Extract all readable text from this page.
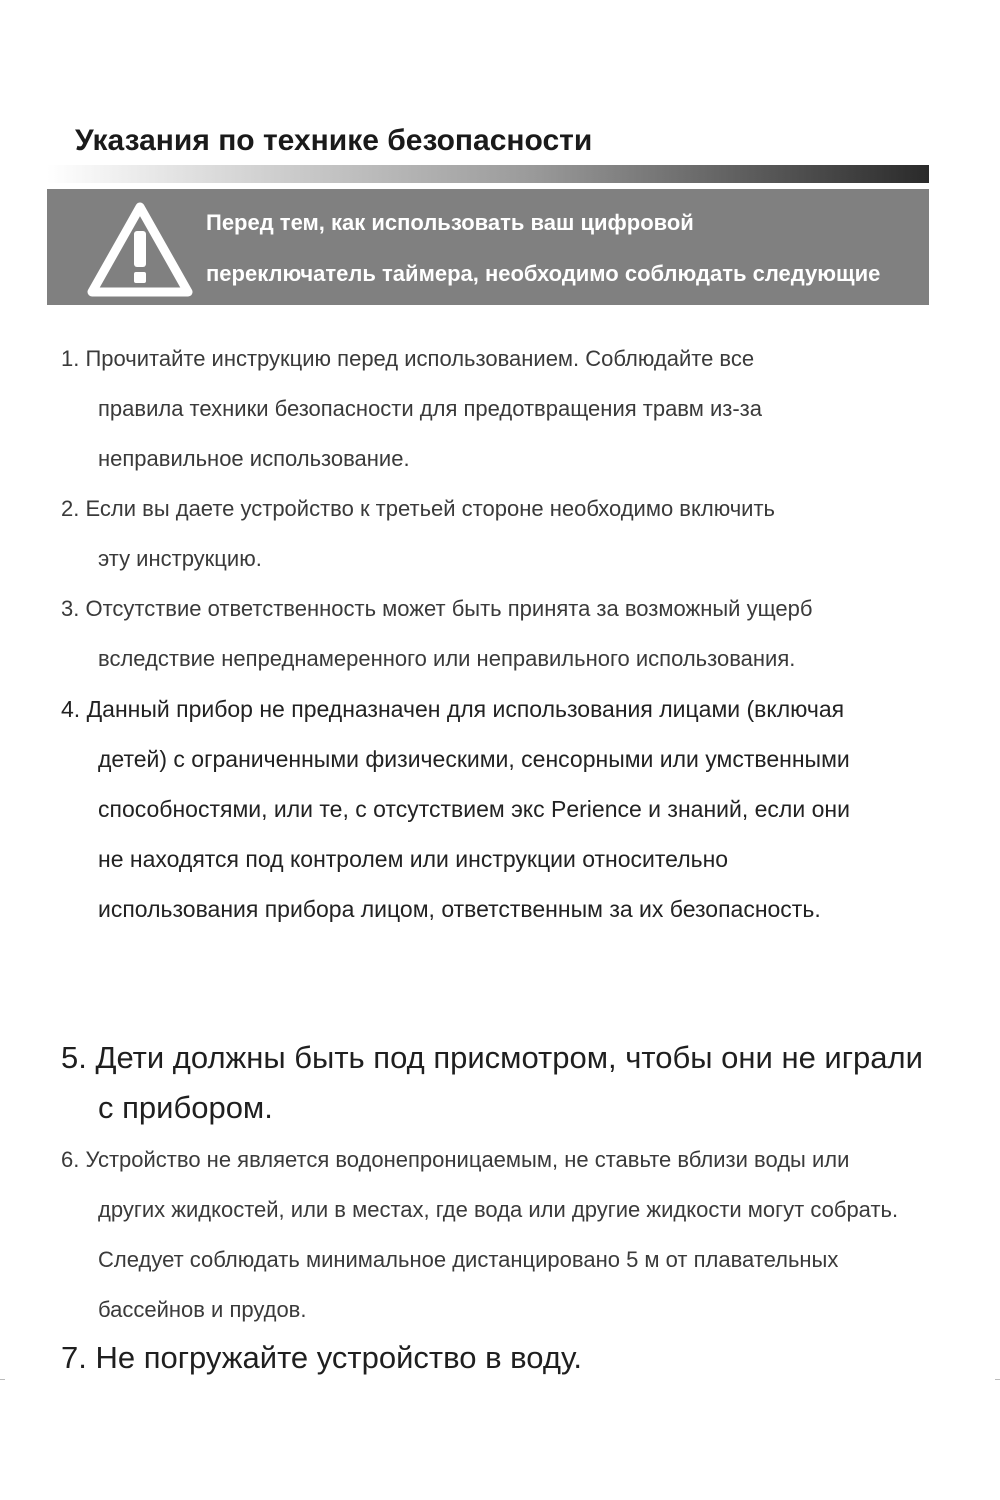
Указания по технике безопасности
Перед тем, как использовать ваш цифровой
переключатель таймера, необходимо соблюдать следующие
1. Прочитайте инструкцию перед использованием. Соблюдайте все
правила техники безопасности для предотвращения травм из-за
неправильное использование.
2. Если вы даете устройство к третьей стороне необходимо включить
эту инструкцию.
3. Отсутствие ответственность может быть принята за возможный ущерб
вследствие непреднамеренного или неправильного использования.
4. Данный прибор не предназначен для использования лицами (включая
детей) с ограниченными физическими, сенсорными или умственными
способностями, или те, с отсутствием экс Perience и знаний, если они
не находятся под контролем или инструкции относительно
использования прибора лицом, ответственным за их безопасность.
5. Дети должны быть под присмотром, чтобы они не играли
с прибором.
6. Устройство не является водонепроницаемым, не ставьте вблизи воды или
других жидкостей, или в местах, где вода или другие жидкости могут собрать.
Следует соблюдать минимальное дистанцировано 5 м от плавательных
бассейнов и прудов.
7. Не погружайте устройство в воду.
